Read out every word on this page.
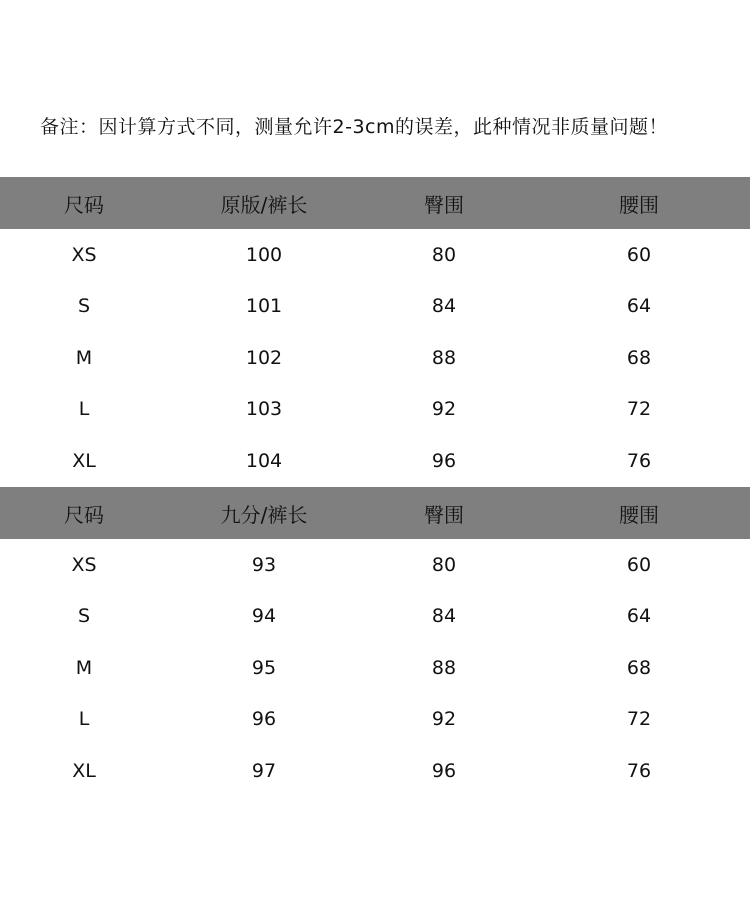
备注：因计算方式不同，测量允许2-3cm的误差，此种情况非质量问题！
尺码	原版/裤长	臀围	腰围
XS	100	80	60
S	101	84	64
M	102	88	68
L	103	92	72
XL	104	96	76
尺码	九分/裤长	臀围	腰围
XS	93	80	60
S	94	84	64
M	95	88	68
L	96	92	72
XL	97	96	76
